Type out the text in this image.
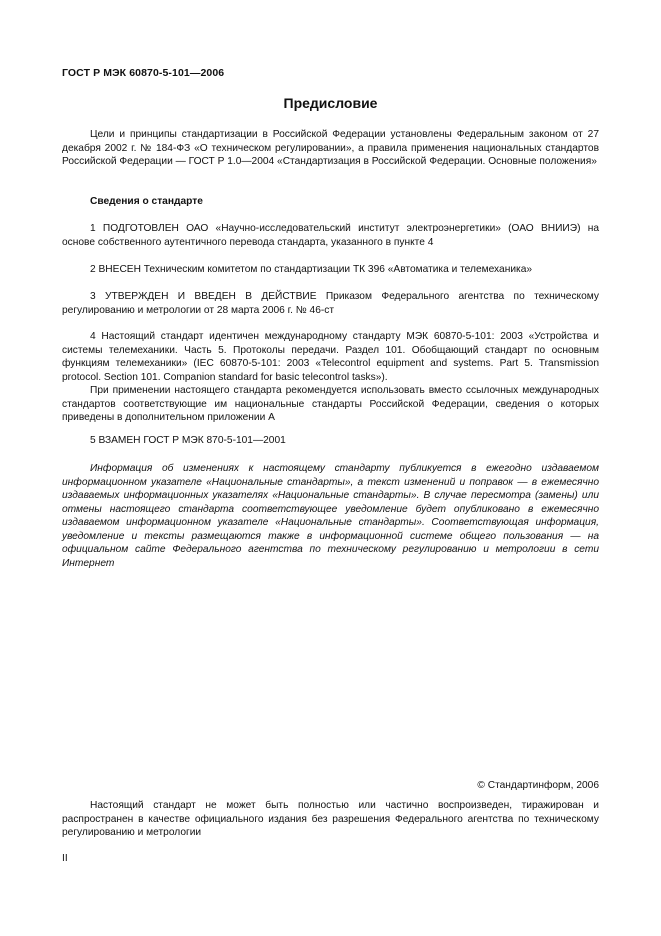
ГОСТ Р МЭК 60870-5-101—2006
Предисловие

Цели и принципы стандартизации в Российской Федерации установлены Федеральным законом от 27 декабря 2002 г. № 184-ФЗ «О техническом регулировании», а правила применения национальных стандартов Российской Федерации — ГОСТ Р 1.0—2004 «Стандартизация в Российской Федерации. Основные положения»

Сведения о стандарте

1 ПОДГОТОВЛЕН ОАО «Научно-исследовательский институт электроэнергетики» (ОАО ВНИИЭ) на основе собственного аутентичного перевода стандарта, указанного в пункте 4

2 ВНЕСЕН Техническим комитетом по стандартизации ТК 396 «Автоматика и телемеханика»

3 УТВЕРЖДЕН И ВВЕДЕН В ДЕЙСТВИЕ Приказом Федерального агентства по техническому регулированию и метрологии от 28 марта 2006 г. № 46-ст

4 Настоящий стандарт идентичен международному стандарту МЭК 60870-5-101: 2003 «Устройства и системы телемеханики. Часть 5. Протоколы передачи. Раздел 101. Обобщающий стандарт по основным функциям телемеханики» (IEC 60870-5-101: 2003 «Telecontrol equipment and systems. Part 5. Transmission protocol. Section 101. Companion standard for basic telecontrol tasks»).

При применении настоящего стандарта рекомендуется использовать вместо ссылочных международных стандартов соответствующие им национальные стандарты Российской Федерации, сведения о которых приведены в дополнительном приложении А

5 ВЗАМЕН ГОСТ Р МЭК 870-5-101—2001

Информация об изменениях к настоящему стандарту публикуется в ежегодно издаваемом информационном указателе «Национальные стандарты», а текст изменений и поправок — в ежемесячно издаваемых информационных указателях «Национальные стандарты». В случае пересмотра (замены) или отмены настоящего стандарта соответствующее уведомление будет опубликовано в ежемесячно издаваемом информационном указателе «Национальные стандарты». Соответствующая информация, уведомление и тексты размещаются также в информационной системе общего пользования — на официальном сайте Федерального агентства по техническому регулированию и метрологии в сети Интернет

© Стандартинформ, 2006

Настоящий стандарт не может быть полностью или частично воспроизведен, тиражирован и распространен в качестве официального издания без разрешения Федерального агентства по техническому регулированию и метрологии

II
